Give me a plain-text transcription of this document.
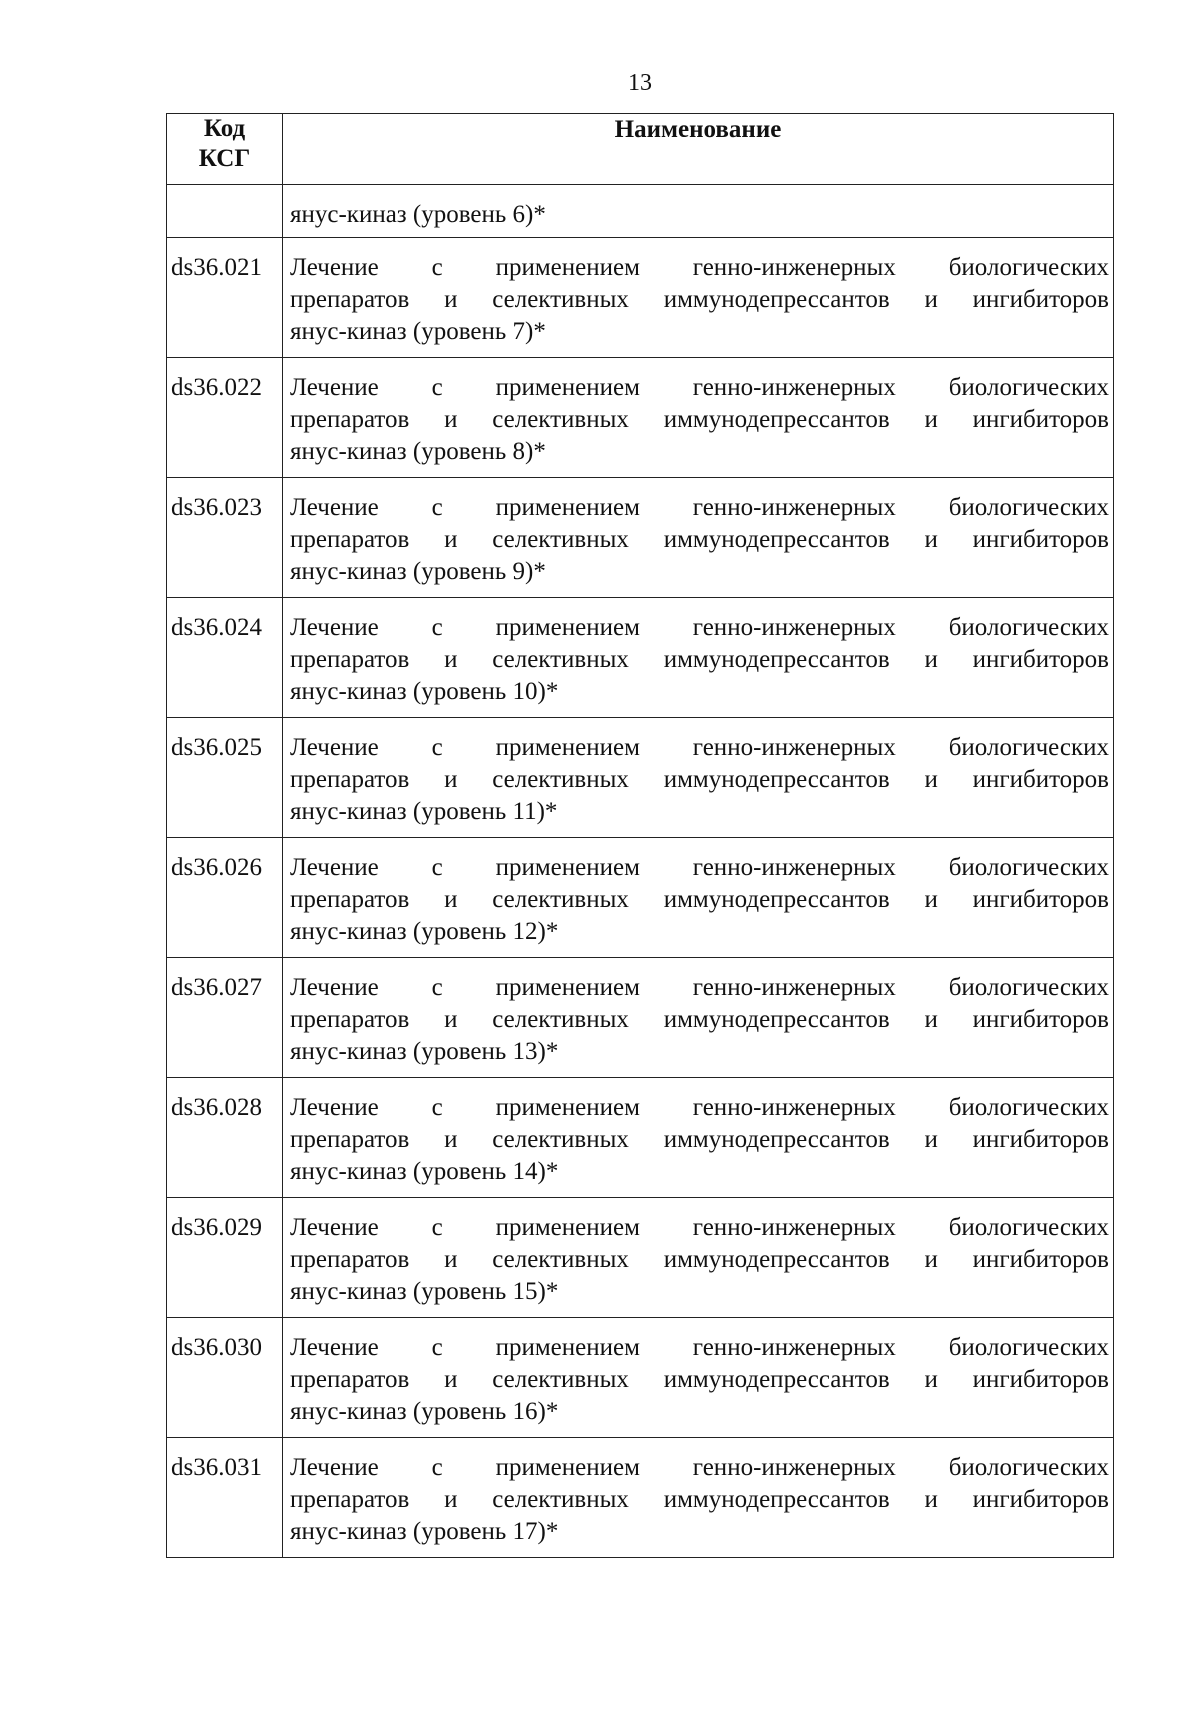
13
Код
КСГ	Наименование

	янус-киназ (уровень 6)*

ds36.021	Лечение с применением генно-инженерных биологических
препаратов и селективных иммунодепрессантов и ингибиторов
янус-киназ (уровень 7)*

ds36.022	Лечение с применением генно-инженерных биологических
препаратов и селективных иммунодепрессантов и ингибиторов
янус-киназ (уровень 8)*

ds36.023	Лечение с применением генно-инженерных биологических
препаратов и селективных иммунодепрессантов и ингибиторов
янус-киназ (уровень 9)*

ds36.024	Лечение с применением генно-инженерных биологических
препаратов и селективных иммунодепрессантов и ингибиторов
янус-киназ (уровень 10)*

ds36.025	Лечение с применением генно-инженерных биологических
препаратов и селективных иммунодепрессантов и ингибиторов
янус-киназ (уровень 11)*

ds36.026	Лечение с применением генно-инженерных биологических
препаратов и селективных иммунодепрессантов и ингибиторов
янус-киназ (уровень 12)*

ds36.027	Лечение с применением генно-инженерных биологических
препаратов и селективных иммунодепрессантов и ингибиторов
янус-киназ (уровень 13)*

ds36.028	Лечение с применением генно-инженерных биологических
препаратов и селективных иммунодепрессантов и ингибиторов
янус-киназ (уровень 14)*

ds36.029	Лечение с применением генно-инженерных биологических
препаратов и селективных иммунодепрессантов и ингибиторов
янус-киназ (уровень 15)*

ds36.030	Лечение с применением генно-инженерных биологических
препаратов и селективных иммунодепрессантов и ингибиторов
янус-киназ (уровень 16)*

ds36.031	Лечение с применением генно-инженерных биологических
препаратов и селективных иммунодепрессантов и ингибиторов
янус-киназ (уровень 17)*
